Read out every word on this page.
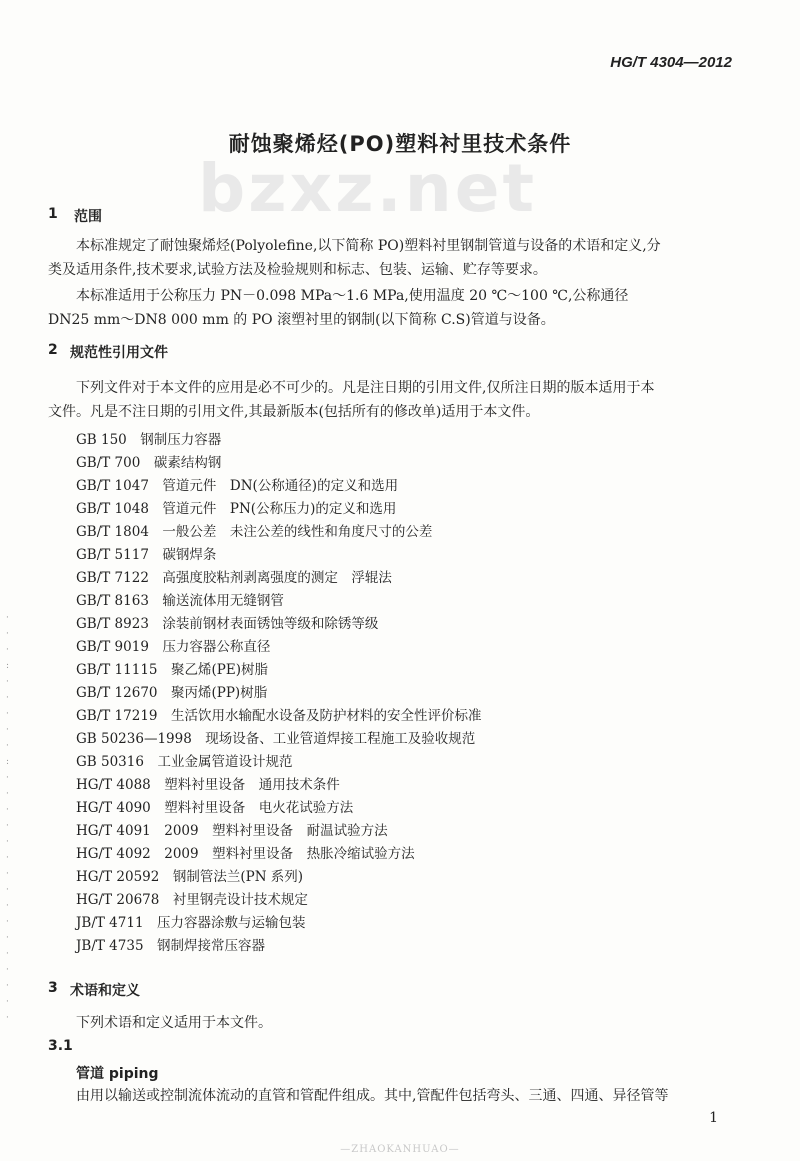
HG/T 4304—2012
bzxz.net
耐蚀聚烯烃(PO)塑料衬里技术条件
1 范围
本标准规定了耐蚀聚烯烃(Polyolefine,以下简称 PO)塑料衬里钢制管道与设备的术语和定义,分
类及适用条件,技术要求,试验方法及检验规则和标志、包装、运输、贮存等要求。
本标准适用于公称压力 PN－0.098 MPa～1.6 MPa,使用温度 20 ℃～100 ℃,公称通径
DN25 mm～DN8 000 mm 的 PO 滚塑衬里的钢制(以下简称 C.S)管道与设备。
2 规范性引用文件
下列文件对于本文件的应用是必不可少的。凡是注日期的引用文件,仅所注日期的版本适用于本
文件。凡是不注日期的引用文件,其最新版本(包括所有的修改单)适用于本文件。
GB 150　钢制压力容器
GB/T 700　碳素结构钢
GB/T 1047　管道元件　DN(公称通径)的定义和选用
GB/T 1048　管道元件　PN(公称压力)的定义和选用
GB/T 1804　一般公差　未注公差的线性和角度尺寸的公差
GB/T 5117　碳钢焊条
GB/T 7122　高强度胶粘剂剥离强度的测定　浮辊法
GB/T 8163　输送流体用无缝钢管
GB/T 8923　涂装前钢材表面锈蚀等级和除锈等级
GB/T 9019　压力容器公称直径
GB/T 11115　聚乙烯(PE)树脂
GB/T 12670　聚丙烯(PP)树脂
GB/T 17219　生活饮用水输配水设备及防护材料的安全性评价标准
GB 50236—1998　现场设备、工业管道焊接工程施工及验收规范
GB 50316　工业金属管道设计规范
HG/T 4088　塑料衬里设备　通用技术条件
HG/T 4090　塑料衬里设备　电火花试验方法
HG/T 4091　2009　塑料衬里设备　耐温试验方法
HG/T 4092　2009　塑料衬里设备　热胀冷缩试验方法
HG/T 20592　钢制管法兰(PN 系列)
HG/T 20678　衬里钢壳设计技术规定
JB/T 4711　压力容器涂敷与运输包装
JB/T 4735　钢制焊接常压容器
3 术语和定义
下列术语和定义适用于本文件。
3.1
管道 piping
由用以输送或控制流体流动的直管和管配件组成。其中,管配件包括弯头、三通、四通、异径管等
1
—ZHAOKANHUAO—
·
·
·
:
·
·
·
·
·
:
·
·
·
·
·
·
·
·
·
·
·
·
·
·
·
·
